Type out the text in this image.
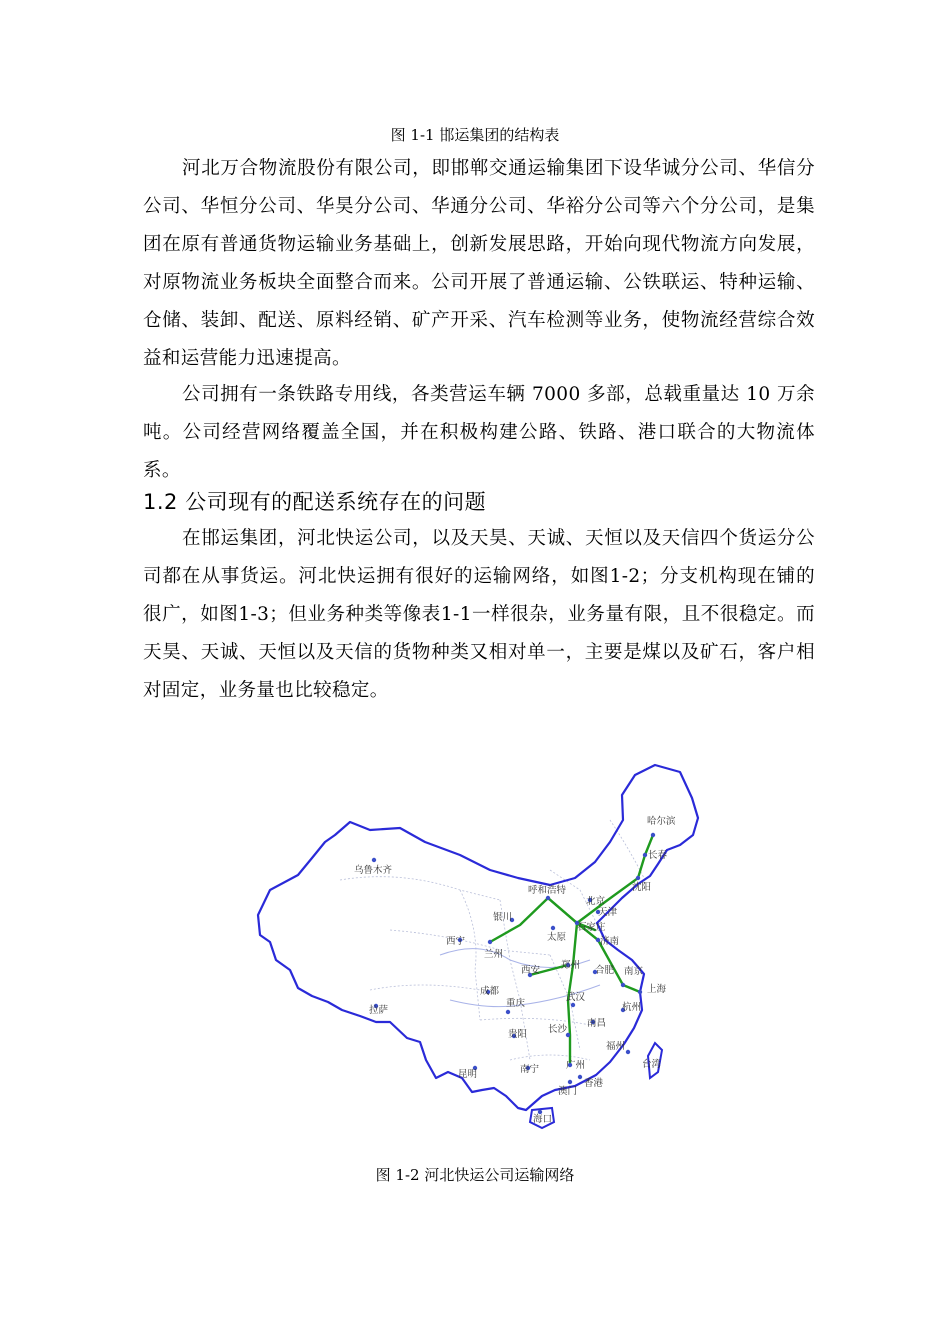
图 1-1 邯运集团的结构表

河北万合物流股份有限公司，即邯郸交通运输集团下设华诚分公司、华信分公司、华恒分公司、华昊分公司、华通分公司、华裕分公司等六个分公司，是集团在原有普通货物运输业务基础上，创新发展思路，开始向现代物流方向发展，对原物流业务板块全面整合而来。公司开展了普通运输、公铁联运、特种运输、仓储、装卸、配送、原料经销、矿产开采、汽车检测等业务，使物流经营综合效益和运营能力迅速提高。

公司拥有一条铁路专用线，各类营运车辆 7000 多部，总载重量达 10 万余吨。公司经营网络覆盖全国，并在积极构建公路、铁路、港口联合的大物流体系。

1.2 公司现有的配送系统存在的问题

在邯运集团，河北快运公司，以及天昊、天诚、天恒以及天信四个货运分公司都在从事货运。河北快运拥有很好的运输网络，如图1-2；分支机构现在铺的很广，如图1-3；但业务种类等像表1-1一样很杂，业务量有限，且不很稳定。而天昊、天诚、天恒以及天信的货物种类又相对单一，主要是煤以及矿石，客户相对固定，业务量也比较稳定。

哈尔滨
长春
沈阳
乌鲁木齐
呼和浩特
北京
天津
石家庄
银川
太原	济南
西宁
兰州
郑州
西安	合肥 南京
上海
成都
武汉
杭州
拉萨
重庆
南昌
贵阳 长沙
福州
台湾
昆明	南宁	广州
香港
澳门
海口
图 1-2 河北快运公司运输网络
